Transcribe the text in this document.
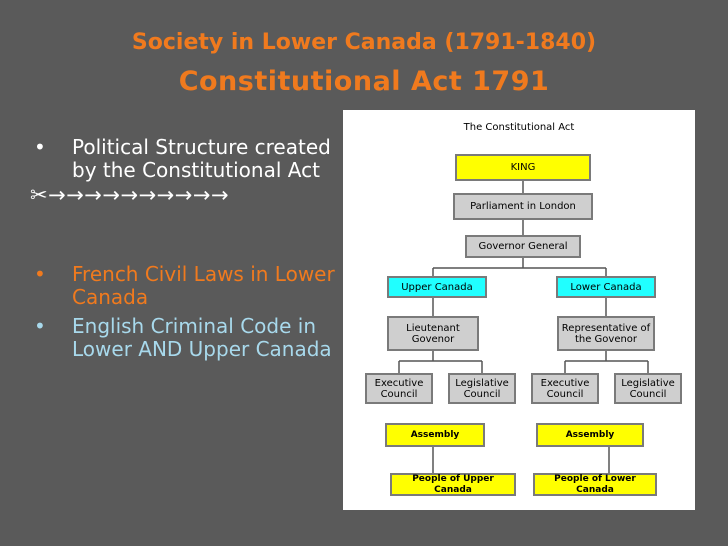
Society in Lower Canada (1791-1840)
Constitutional Act 1791

• Political Structure created by the Constitutional Act

✂→→→→→→→→→→

• French Civil Laws in Lower Canada

• English Criminal Code in Lower AND Upper Canada

The Constitutional Act
KING
Parliament in London
Governor General
Upper Canada	Lower Canada
Lieutenant Govenor
Representative of the Govenor
Executive Council
Legislative Council
Executive Council
Legislative Council
Assembly	Assembly
People of Upper Canada
People of Lower Canada
